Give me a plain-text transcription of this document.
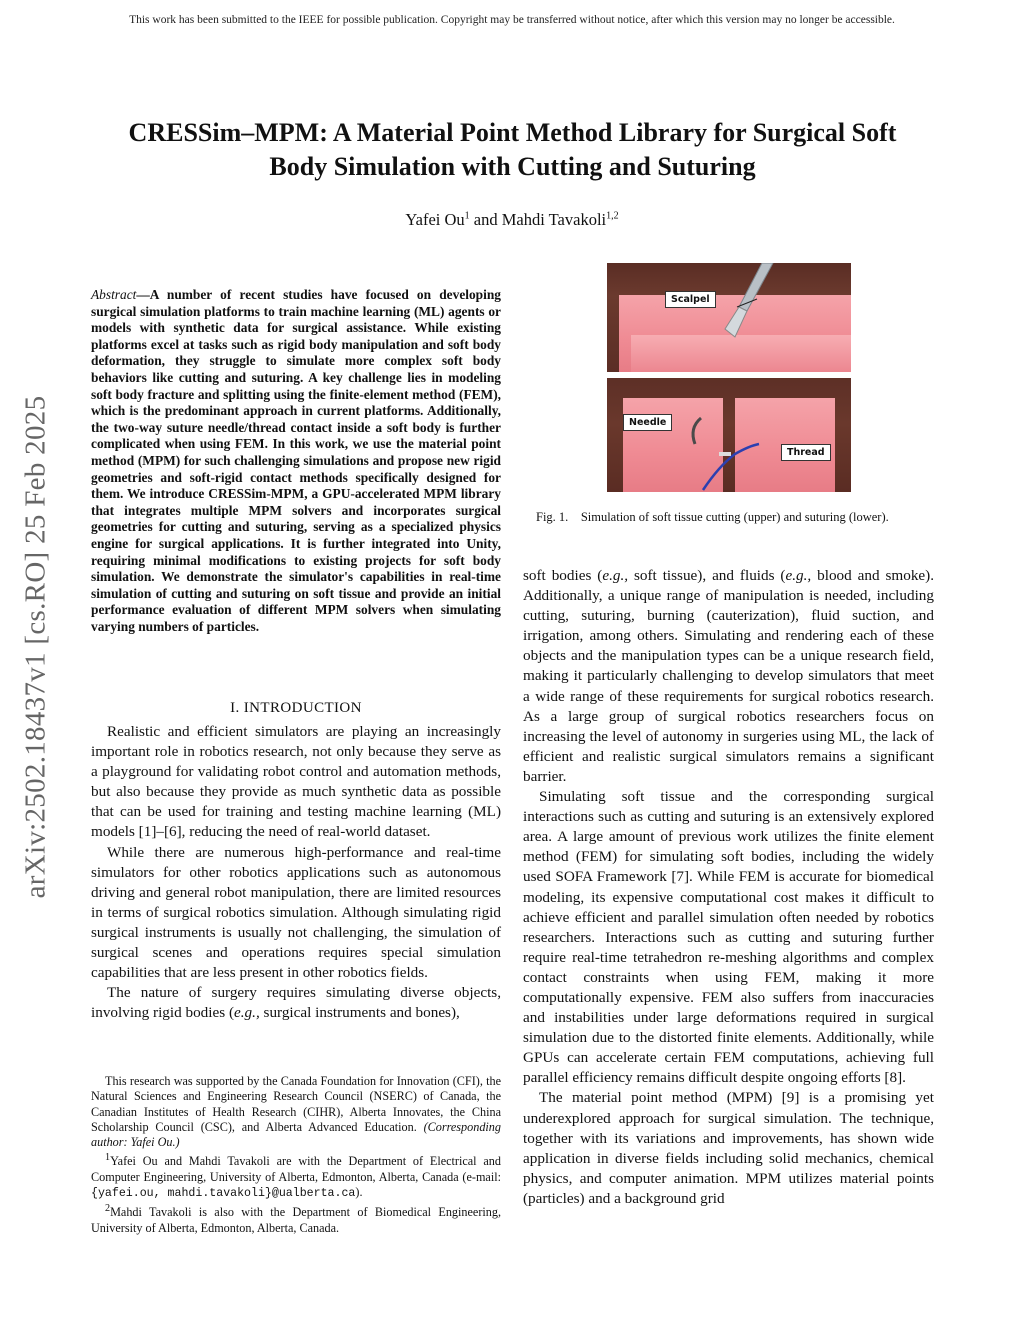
This work has been submitted to the IEEE for possible publication. Copyright may be transferred without notice, after which this version may no longer be accessible.
arXiv:2502.18437v1 [cs.RO] 25 Feb 2025
CRESSim–MPM: A Material Point Method Library for Surgical Soft
Body Simulation with Cutting and Suturing
Yafei Ou$^1$ and Mahdi Tavakoli$^{1,2}$
Abstract—A number of recent studies have focused on developing surgical simulation platforms to train machine learning (ML) agents or models with synthetic data for surgical assistance. While existing platforms excel at tasks such as rigid body manipulation and soft body deformation, they struggle to simulate more complex soft body behaviors like cutting and suturing. A key challenge lies in modeling soft body fracture and splitting using the finite-element method (FEM), which is the predominant approach in current platforms. Additionally, the two-way suture needle/thread contact inside a soft body is further complicated when using FEM. In this work, we use the material point method (MPM) for such challenging simulations and propose new rigid geometries and soft-rigid contact methods specifically designed for them. We introduce CRESSim-MPM, a GPU-accelerated MPM library that integrates multiple MPM solvers and incorporates surgical geometries for cutting and suturing, serving as a specialized physics engine for surgical applications. It is further integrated into Unity, requiring minimal modifications to existing projects for soft body simulation. We demonstrate the simulator's capabilities in real-time simulation of cutting and suturing on soft tissue and provide an initial performance evaluation of different MPM solvers when simulating varying numbers of particles.
I. INTRODUCTION

Realistic and efficient simulators are playing an increasingly important role in robotics research, not only because they serve as a playground for validating robot control and automation methods, but also because they provide as much synthetic data as possible that can be used for training and testing machine learning (ML) models [1]–[6], reducing the need of real-world dataset.

While there are numerous high-performance and real-time simulators for other robotics applications such as autonomous driving and general robot manipulation, there are limited resources in terms of surgical robotics simulation. Although simulating rigid surgical instruments is usually not challenging, the simulation of surgical scenes and operations requires special simulation capabilities that are less present in other robotics fields.

The nature of surgery requires simulating diverse objects, involving rigid bodies (e.g., surgical instruments and bones),

This research was supported by the Canada Foundation for Innovation (CFI), the Natural Sciences and Engineering Research Council (NSERC) of Canada, the Canadian Institutes of Health Research (CIHR), Alberta Innovates, the China Scholarship Council (CSC), and Alberta Advanced Education. (Corresponding author: Yafei Ou.)

$^1$Yafei Ou and Mahdi Tavakoli are with the Department of Electrical and Computer Engineering, University of Alberta, Edmonton, Alberta, Canada (e-mail: {yafei.ou, mahdi.tavakoli}@ualberta.ca).

$^2$Mahdi Tavakoli is also with the Department of Biomedical Engineering, University of Alberta, Edmonton, Alberta, Canada.

Scalpel
Needle
Thread
Fig. 1. Simulation of soft tissue cutting (upper) and suturing (lower).

soft bodies (e.g., soft tissue), and fluids (e.g., blood and smoke). Additionally, a unique range of manipulation is needed, including cutting, suturing, burning (cauterization), fluid suction, and irrigation, among others. Simulating and rendering each of these objects and the manipulation types can be a unique research field, making it particularly challenging to develop simulators that meet a wide range of these requirements for surgical robotics research. As a large group of surgical robotics researchers focus on increasing the level of autonomy in surgeries using ML, the lack of efficient and realistic surgical simulators remains a significant barrier.

Simulating soft tissue and the corresponding surgical interactions such as cutting and suturing is an extensively explored area. A large amount of previous work utilizes the finite element method (FEM) for simulating soft bodies, including the widely used SOFA Framework [7]. While FEM is accurate for biomedical modeling, its expensive computational cost makes it difficult to achieve efficient and parallel simulation often needed by robotics researchers. Interactions such as cutting and suturing further require real-time tetrahedron re-meshing algorithms and complex contact constraints when using FEM, making it more computationally expensive. FEM also suffers from inaccuracies and instabilities under large deformations required in surgical simulation due to the distorted finite elements. Additionally, while GPUs can accelerate certain FEM computations, achieving full parallel efficiency remains difficult despite ongoing efforts [8].

The material point method (MPM) [9] is a promising yet underexplored approach for surgical simulation. The technique, together with its variations and improvements, has shown wide application in diverse fields including solid mechanics, chemical physics, and computer animation. MPM utilizes material points (particles) and a background grid
